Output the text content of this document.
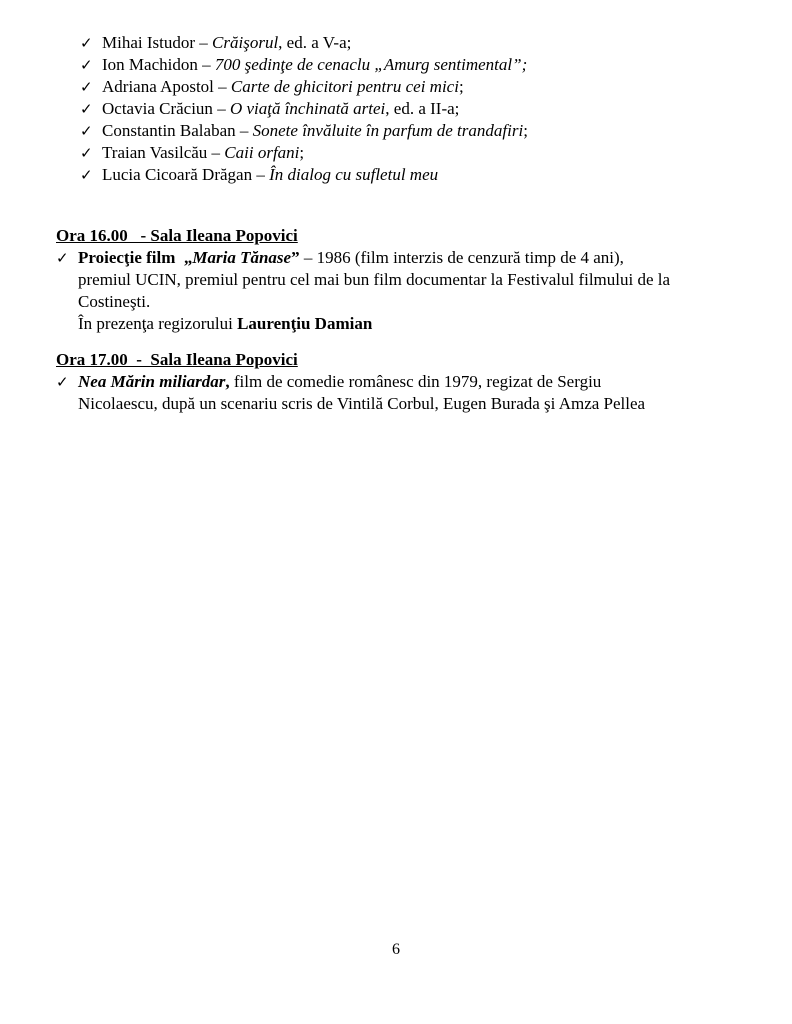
✓ Mihai Istudor – Crăişorul, ed. a V-a;
✓ Ion Machidon – 700 şedinţe de cenaclu „Amurg sentimental”;
✓ Adriana Apostol – Carte de ghicitori pentru cei mici;
✓ Octavia Crăciun – O viaţă închinată artei, ed. a II-a;
✓ Constantin Balaban – Sonete învăluite în parfum de trandafiri;
✓ Traian Vasilcău – Caii orfani;
✓ Lucia Cicoară Drăgan – În dialog cu sufletul meu
Ora 16.00   - Sala Ileana Popovici
✓ Proiecţie film  „Maria Tănase” – 1986 (film interzis de cenzură timp de 4 ani),
premiul UCIN, premiul pentru cel mai bun film documentar la Festivalul filmului de la
Costineşti.
În prezenţa regizorului Laurenţiu Damian
Ora 17.00  -  Sala Ileana Popovici
✓ Nea Mărin miliardar, film de comedie românesc din 1979, regizat de Sergiu
Nicolaescu, după un scenariu scris de Vintilă Corbul, Eugen Burada şi Amza Pellea
6
